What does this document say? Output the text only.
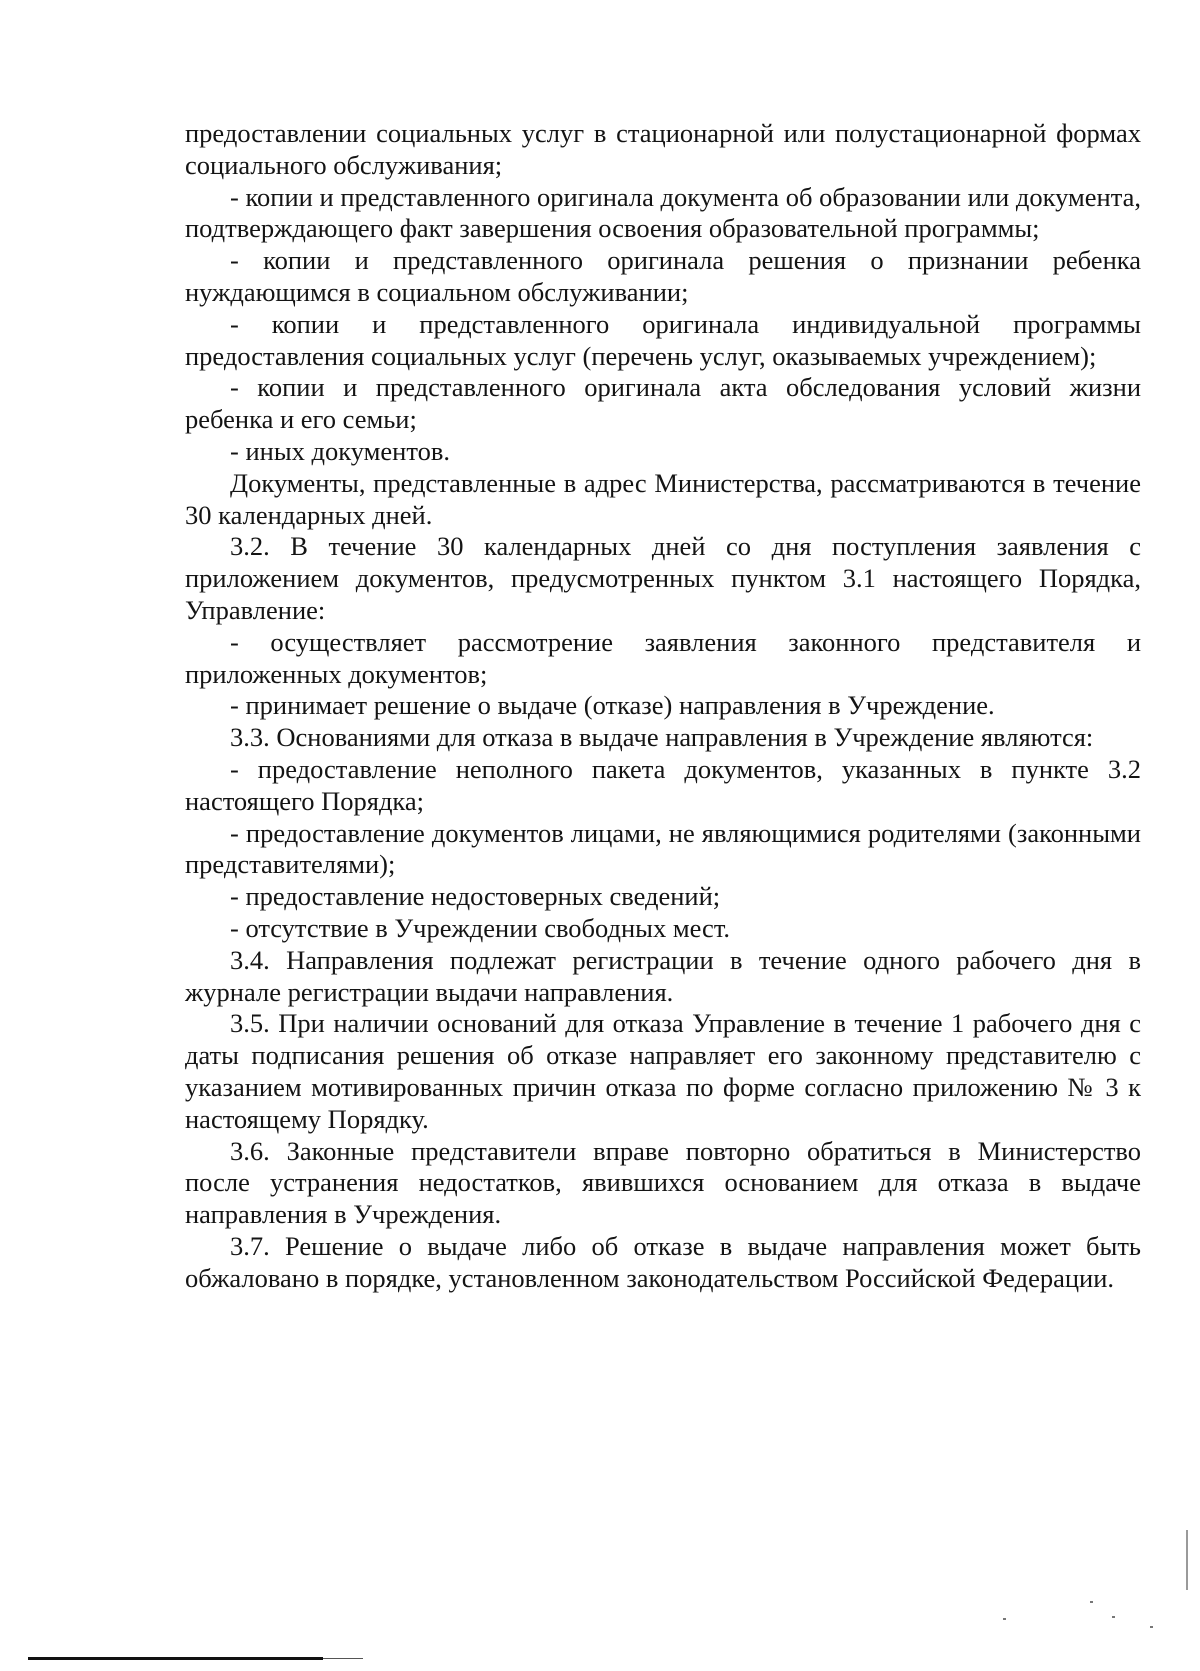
предоставлении социальных услуг в стационарной или полустационарной формах социального обслуживания;

- копии и представленного оригинала документа об образовании или документа, подтверждающего факт завершения освоения образовательной программы;

- копии и представленного оригинала решения о признании ребенка нуждающимся в социальном обслуживании;

- копии и представленного оригинала индивидуальной программы предоставления социальных услуг (перечень услуг, оказываемых учреждением);

- копии и представленного оригинала акта обследования условий жизни ребенка и его семьи;

- иных документов.

Документы, представленные в адрес Министерства, рассматриваются в течение 30 календарных дней.

3.2. В течение 30 календарных дней со дня поступления заявления с приложением документов, предусмотренных пунктом 3.1 настоящего Порядка, Управление:

- осуществляет рассмотрение заявления законного представителя и приложенных документов;

- принимает решение о выдаче (отказе) направления в Учреждение.

3.3. Основаниями для отказа в выдаче направления в Учреждение являются:

- предоставление неполного пакета документов, указанных в пункте 3.2 настоящего Порядка;

- предоставление документов лицами, не являющимися родителями (законными представителями);

- предоставление недостоверных сведений;

- отсутствие в Учреждении свободных мест.

3.4. Направления подлежат регистрации в течение одного рабочего дня в журнале регистрации выдачи направления.

3.5. При наличии оснований для отказа Управление в течение 1 рабочего дня с даты подписания решения об отказе направляет его законному представителю с указанием мотивированных причин отказа по форме согласно приложению № 3 к настоящему Порядку.

3.6. Законные представители вправе повторно обратиться в Министерство после устранения недостатков, явившихся основанием для отказа в выдаче направления в Учреждения.

3.7. Решение о выдаче либо об отказе в выдаче направления может быть обжаловано в порядке, установленном законодательством Российской Федерации.
